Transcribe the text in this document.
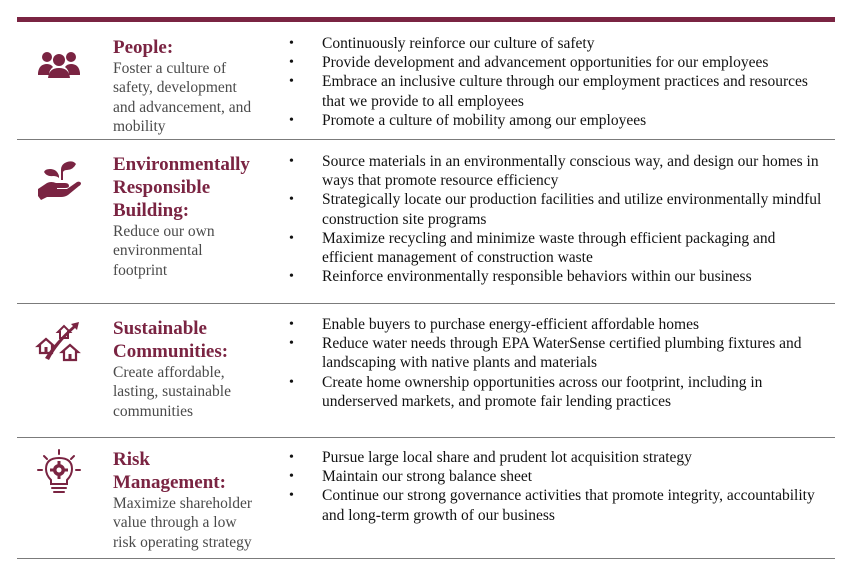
People:
Foster a culture of
safety, development
and advancement, and
mobility
• Continuously reinforce our culture of safety
• Provide development and advancement opportunities for our employees
• Embrace an inclusive culture through our employment practices and resources that we provide to all employees
• Promote a culture of mobility among our employees
Environmentally
Responsible
Building:
Reduce our own
environmental
footprint
• Source materials in an environmentally conscious way, and design our homes in ways that promote resource efficiency
• Strategically locate our production facilities and utilize environmentally mindful construction site programs
• Maximize recycling and minimize waste through efficient packaging and efficient management of construction waste
• Reinforce environmentally responsible behaviors within our business
Sustainable
Communities:
Create affordable,
lasting, sustainable
communities
• Enable buyers to purchase energy-efficient affordable homes
• Reduce water needs through EPA WaterSense certified plumbing fixtures and landscaping with native plants and materials
• Create home ownership opportunities across our footprint, including in underserved markets, and promote fair lending practices
Risk
Management:
Maximize shareholder
value through a low
risk operating strategy
• Pursue large local share and prudent lot acquisition strategy
• Maintain our strong balance sheet
• Continue our strong governance activities that promote integrity, accountability and long-term growth of our business
